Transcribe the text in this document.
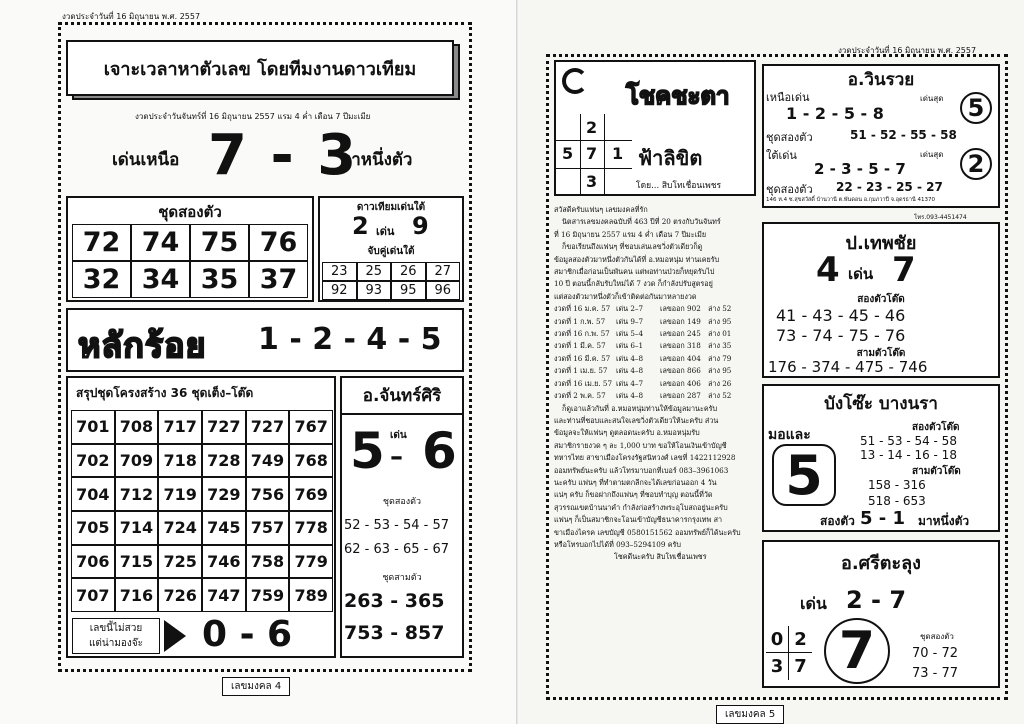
งวดประจำวันที่ 16 มิถุนายน พ.ศ. 2557
เจาะเวลาหาตัวเลข โดยทีมงานดาวเทียม
งวดประจำวันจันทร์ที่ 16 มิถุนายน 2557 แรม 4 ค่ำ เดือน 7 ปีมะเมีย
เด่นเหนือ 7 - 3
มาหนึ่งตัว
ชุดสองตัว
72 74 75 76
32 34 35 37
ดาวเทียมเด่นใต้
2 เด่น 9
จับคู่เด่นใต้
23	25	26	27
92	93	95	96
หลักร้อย 1 - 2 - 4 - 5
สรุปชุดโครงสร้าง 36 ชุดเต็ง–โต๊ด
701 708 717 727 727 767
702 709 718 728 749 768
704 712 719 729 756 769
705 714 724 745 757 778
706 715 725 746 758 779
707 716 726 747 759 789
เลขนี้ไม่สวย
แต่น่ามองจ๊ะ	0 - 6
อ.จันทร์ศิริ
5 เด่น
– 6
ชุดสองตัว
52 - 53 - 54 - 57
62 - 63 - 65 - 67
ชุดสามตัว
263 - 365
753 - 857
เลขมงคล 4
งวดประจำวันที่ 16 มิถุนายน พ.ศ. 2557
โชคชะตา
2
5 7 1
3
ฟ้าลิขิต
โดย... สิบโทเชื่อนเพชร
สวัสดีครับแฟนๆ เลขมงคลที่รัก
นิตสารเลขมงคลฉบับที่ 463 ปีที่ 20 ตรงกับวันจันทร์
ที่ 16 มิถุนายน 2557 แรม 4 ค่ำ เดือน 7 ปีมะเมีย
ก็ขอเรียนถึงแฟนๆ ที่ชอบเล่นเลขวิ่งตัวเดียวก็ดู
ข้อมูลสองตัวมาหนึ่งตัวกันได้ที่ อ.หมอหนุ่ม ท่านเคยรับ
สมาชิกเมื่อก่อนเป็นพันคน แต่พอท่านป่วยก็หยุดรับไป
10 ปี ตอนนี้กลับรับใหม่ได้ 7 งวด ก็กำลังปรับสูตรอยู่
แต่สองตัวมาหนึ่งตัวก็เข้าติดต่อกันมาหลายงวด
งวดที่ 16 ม.ค. 57 เด่น 2–7 เลขออก 902 ล่าง 52
งวดที่ 1 ก.พ. 57 เด่น 9–7 เลขออก 149 ล่าง 95
งวดที่ 16 ก.พ. 57 เด่น 5–4 เลขออก 245 ล่าง 01
งวดที่ 1 มี.ค. 57 เด่น 6–1 เลขออก 318 ล่าง 35
งวดที่ 16 มี.ค. 57 เด่น 4–8 เลขออก 404 ล่าง 79
งวดที่ 1 เม.ย. 57 เด่น 4–8 เลขออก 866 ล่าง 95
งวดที่ 16 เม.ย. 57 เด่น 4–7 เลขออก 406 ล่าง 26
งวดที่ 2 พ.ค. 57 เด่น 4–8 เลขออก 287 ล่าง 52
ก็ดูเอาแล้วกันที่ อ.หมอหนุ่มท่านให้ข้อมูลมานะครับ
และท่านที่ชอบและสนใจเลขวิ่งตัวเดียวให้นะครับ ส่วน
ข้อมูลจะให้แฟนๆ ดูตลอดนะครับ อ.หมอหนุ่มรับ
สมาชิกรายงวด ๆ ละ 1,000 บาท ขอให้โอนเงินเข้าบัญชี
ทหารไทย สาขาเมืองโครงรัฐสนิทวงศ์ เลขที่ 1422112928
ออมทรัพย์นะครับ แล้วโทรมาบอกที่เบอร์ 083–3961063
นะครับ แฟนๆ ที่ทำตามตกลีกจะได้เลขก่อนออก 4 วัน
แน่ๆ ครับ ก็ขอฝากถึงแฟนๆ ที่ชอบทำบุญ ตอนนี้ที่วัด
สุวรรณเขตบ้านนาคำ กำลังก่อสร้างพระอุโบสถอยู่นะครับ
แฟนๆ ก็เป็นสมาชิกจะโอนเข้าบัญชีธนาคารกรุงเทพ สา
ขาเมืองไครค เลขบัญชี 0580151562 ออมทรัพย์ก็ได้นะครับ
หรือโทรบอกไปได้ที่ 093–5294109 ครับ
โชคดีนะครับ สิบโทเชื่อนเพชร
อ.วินรวย
เหนือเด่น
1 - 2 - 5 - 8
เด่นสุด	5
ชุดสองตัว	51 - 52 - 55 - 58
ใต้เด่น	เด่นสุด	2
2 - 3 - 5 - 7
ชุดสองตัว 22 - 23 - 25 - 27
146 ห.4 ซ.สุขสวัสดิ์ บ้านวานี ต.พันดอน อ.กุมภวาปี จ.อุดรธานี 41370
โทร.093-4451474
ป.เทพชัย
4 เด่น 7
สองตัวโต๊ด
41 - 43 - 45 - 46
73 - 74 - 75 - 76
สามตัวโต๊ด
176 - 374 - 475 - 746
บังโซ๊ะ บางนรา
มอและ
5
สองตัวโต๊ด
51 - 53 - 54 - 58
13 - 14 - 16 - 18
สามตัวโต๊ด
158 - 316
518 - 653
สองตัว 5 - 1 มาหนึ่งตัว
อ.ศรีตะลุง
เด่น 2 - 7
0 2
3 7 7	ชุดสองตัว
70 - 72
73 - 77
เลขมงคล 5
